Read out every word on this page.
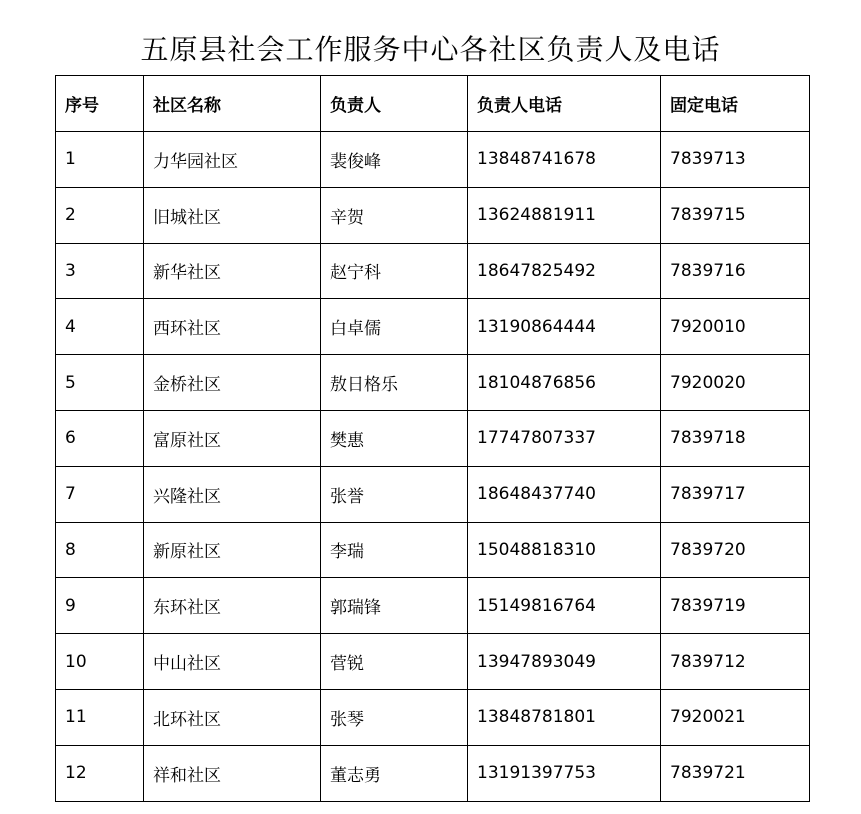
五原县社会工作服务中心各社区负责人及电话
序号	社区名称	负责人	负责人电话	固定电话
1	力华园社区	裴俊峰	13848741678	7839713
2	旧城社区	辛贺	13624881911	7839715
3	新华社区	赵宁科	18647825492	7839716
4	西环社区	白卓儒	13190864444	7920010
5	金桥社区	敖日格乐	18104876856	7920020
6	富原社区	樊惠	17747807337	7839718
7	兴隆社区	张誉	18648437740	7839717
8	新原社区	李瑞	15048818310	7839720
9	东环社区	郭瑞锋	15149816764	7839719
10	中山社区	菅锐	13947893049	7839712
11	北环社区	张琴	13848781801	7920021
12	祥和社区	董志勇	13191397753	7839721
